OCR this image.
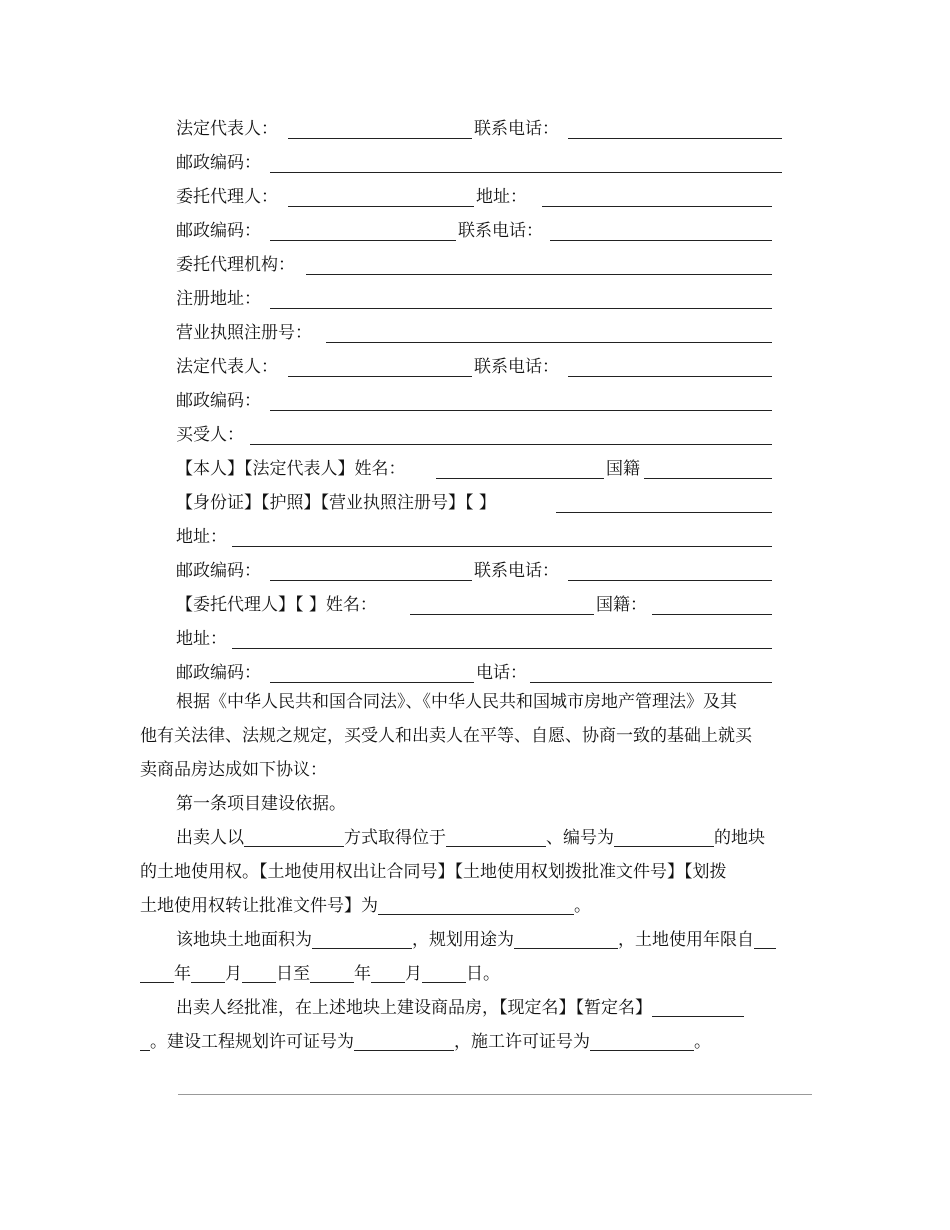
法定代表人：	联系电话：
邮政编码：
委托代理人：	地址：
邮政编码：	联系电话：
委托代理机构：
注册地址：
营业执照注册号：
法定代表人：	联系电话：
邮政编码：
买受人：
【本人】【法定代表人】姓名：	国籍
【身份证】【护照】【营业执照注册号】【 】
地址：
邮政编码：	联系电话：
【委托代理人】【 】姓名：	国籍：
地址：
邮政编码：	电话：
根据《中华人民共和国合同法》、《中华人民共和国城市房地产管理法》及其
他有关法律、法规之规定，买受人和出卖人在平等、自愿、协商一致的基础上就买
卖商品房达成如下协议：
第一条项目建设依据。
出卖人以	方式取得位于	、编号为	的地块
的土地使用权。【土地使用权出让合同号】【土地使用权划拨批准文件号】【划拨
土地使用权转让批准文件号】为	。
该地块土地面积为	，规划用途为	，土地使用年限自
年 月 日至	年 月	日。
出卖人经批准，在上述地块上建设商品房，【现定名】【暂定名】
。建设工程规划许可证号为	，施工许可证号为	。
